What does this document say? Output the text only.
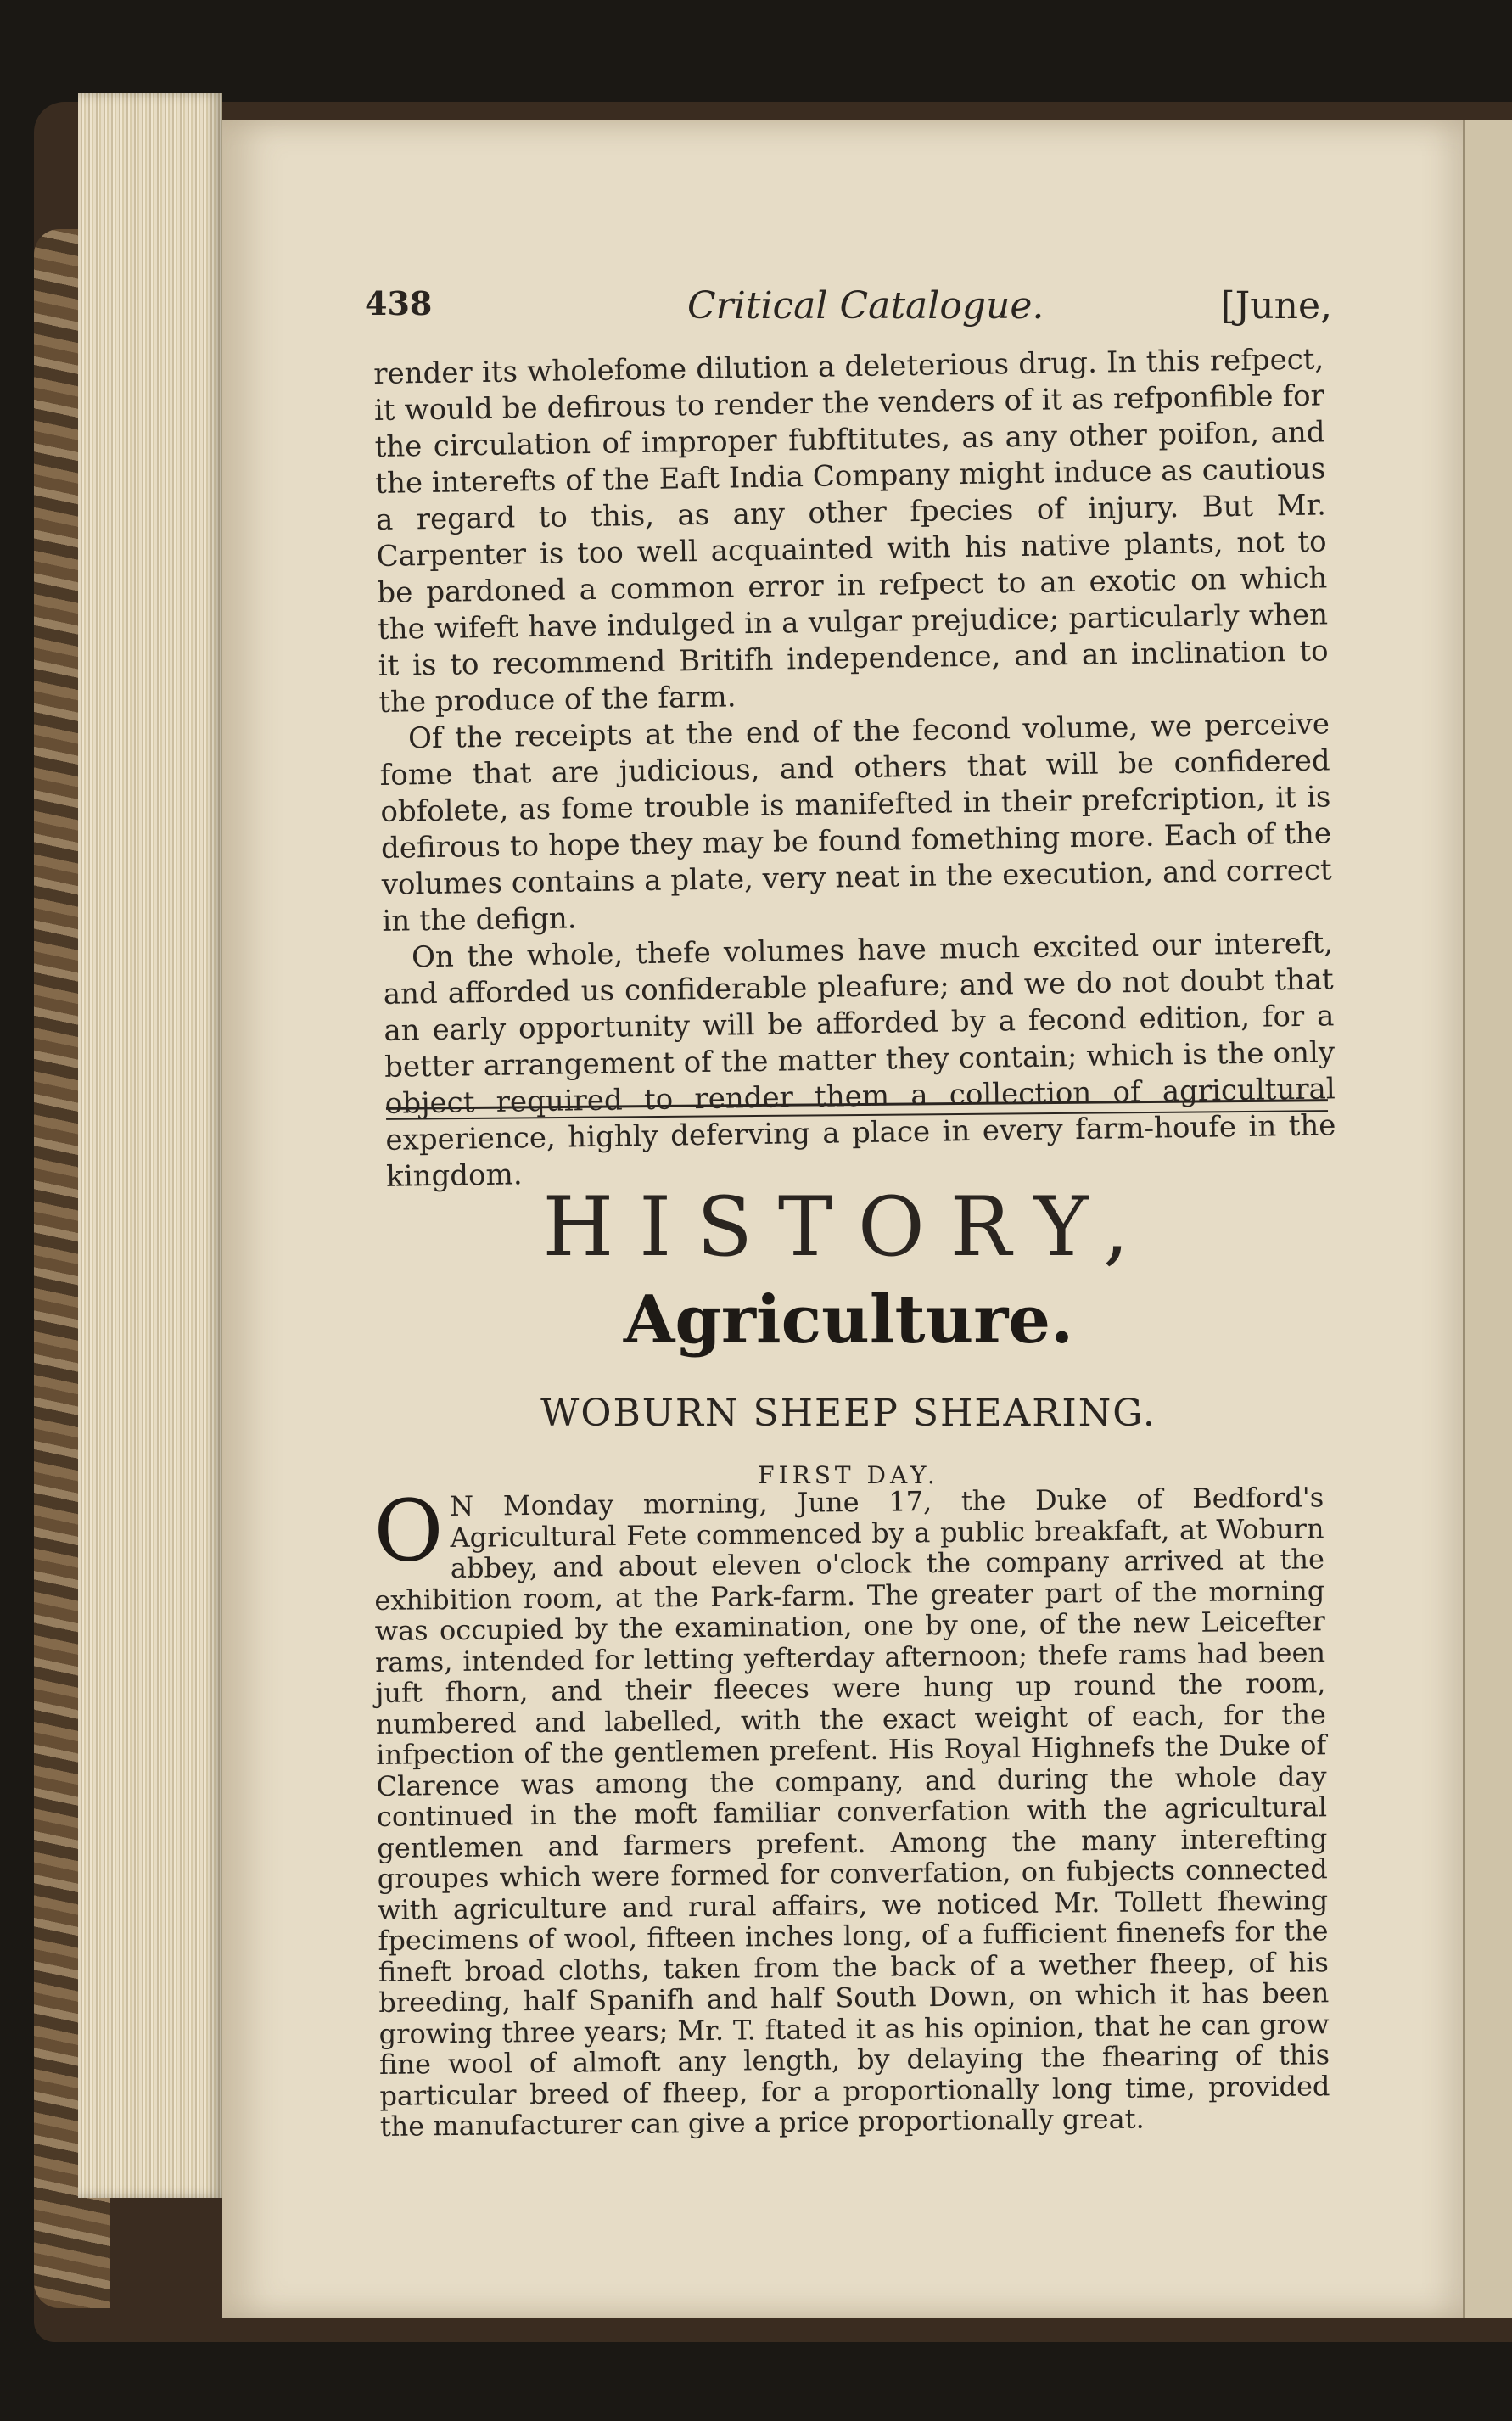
438	Critical Catalogue.	[June,

render its wholefome dilution a deleterious drug. In this refpect, it would be defirous to render the venders of it as refponfible for the circulation of improper fubftitutes, as any other poifon, and the interefts of the Eaft India Company might induce as cautious a regard to this, as any other fpecies of injury. But Mr. Carpenter is too well acquainted with his native plants, not to be pardoned a common error in refpect to an exotic on which the wifeft have indulged in a vulgar prejudice; particularly when it is to recommend Britifh independence, and an inclination to the produce of the farm.

Of the receipts at the end of the fecond volume, we perceive fome that are judicious, and others that will be confidered obfolete, as fome trouble is manifefted in their prefcription, it is defirous to hope they may be found fomething more. Each of the volumes contains a plate, very neat in the execution, and correct in the defign.

On the whole, thefe volumes have much excited our intereft, and afforded us confiderable pleafure; and we do not doubt that an early opportunity will be afforded by a fecond edition, for a better arrangement of the matter they contain; which is the only object required to render them a collection of agricultural experience, highly deferving a place in every farm-houfe in the kingdom.

HISTORY,
Agriculture.
WOBURN SHEEP SHEARING.
FIRST DAY.
O N Monday morning, June 17, the Duke of Bedford's Agricultural Fete commenced by a public breakfaft, at Woburn abbey, and about eleven o'clock the company arrived at the exhibition room, at the Park-farm. The greater part of the morning was occupied by the examination, one by one, of the new Leicefter rams, intended for letting yefterday afternoon; thefe rams had been juft fhorn, and their fleeces were hung up round the room, numbered and labelled, with the exact weight of each, for the infpection of the gentlemen prefent. His Royal Highnefs the Duke of Clarence was among the company, and during the whole day continued in the moft familiar converfation with the agricultural gentlemen and farmers prefent. Among the many interefting groupes which were formed for converfation, on fubjects connected with agriculture and rural affairs, we noticed Mr. Tollett fhewing fpecimens of wool, fifteen inches long, of a fufficient finenefs for the fineft broad cloths, taken from the back of a wether fheep, of his breeding, half Spanifh and half South Down, on which it has been growing three years; Mr. T. ftated it as his opinion, that he can grow fine wool of almoft any length, by delaying the fhearing of this particular breed of fheep, for a proportionally long time, provided the manufacturer can give a price proportionally great.
